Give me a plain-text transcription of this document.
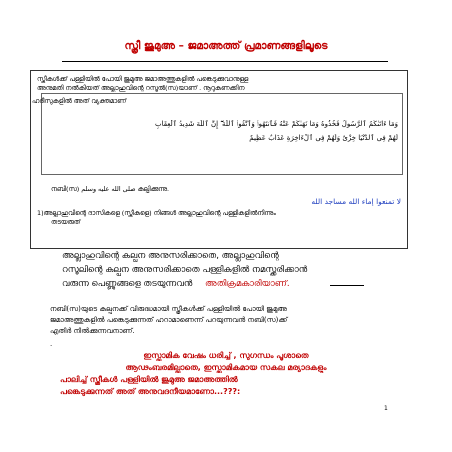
സ്ത്രീ ജുമുഅ – ജമാഅത്ത് പ്രമാണങ്ങളിലൂടെ
സ്ത്രീകൾക്ക് പള്ളിയിൽ പോയി ജുമുഅ ജമാഅത്തുകളിൽ പങ്കെടുക്കുവാനുള്ള
അനുമതി നൽകിയത് അല്ലാഹുവിന്റെ റസൂൽ(സ)യാണ് . നൂറുകണക്കിന
ഹദീസുകളിൽ അത് വ്യക്തമാണ്
وَمَا ءَاتَىٰكُمُ ٱلرَّسُولُ فَخُذُوهُ وَمَا نَهَىٰكُمْ عَنْهُ فَٱنتَهُوا۟ وَٱتَّقُوا۟ ٱللَّهَ ۖ إِنَّ ٱللَّهَ شَدِيدُ ٱلْعِقَابِ
لَهُمْ فِى ٱلدُّنْيَا خِزْىٌ وَلَهُمْ فِى ٱلْءَاخِرَةِ عَذَابٌ عَظِيمٌ
നബി(സ) صلى الله عليه وسلم കല്പ്പിക്കുന്നു.
لا تمنعوا إماء الله مساجد الله
1)അല്ലാഹുവിന്റെ ദാസികളെ (സ്ത്രീകളെ) നിങ്ങൾ അല്ലാഹുവിന്റെ പള്ളികളിൽനിന്നും
തടയരുത്
അല്ലാഹുവിന്റെ കല്പ്പന അനുസരിക്കാതെ, അല്ലാഹുവിന്റെ
റസൂലിന്റെ കല്പ്പന അനുസരിക്കാതെ പള്ളികളിൽ നമസ്ക്കരിക്കാൻ
വരുന്ന പെണ്ണുങ്ങളെ തടയുന്നവൻ	അതിക്രമകാരിയാണ്.
നബി(സ)യുടെ കല്പ്പനക്ക് വിരുദ്ധമായി സ്ത്രീകൾക്ക് പള്ളിയിൽ പോയി ജുമുഅ
ജമാഅത്തുകളിൽ പങ്കെടുക്കുന്നത് ഹറാമാണെന്ന് പറയുന്നവൻ നബി(സ)ക്ക്
എതിർ നിൽക്കുന്നവനാണ്.
.
ഇസ്ലാമിക വേഷം ധരിച്ച് , സുഗന്ധം പൂശാതെ
ആഢംബരമില്ലാതെ, ഇസ്ലാമികമായ സകല മര്യാദകളും
പാലിച്ച് സ്ത്രീകൾ പള്ളിയിൽ ജുമുഅ ജമാഅത്തിൽ
പങ്കെടുക്കുന്നത് അത് അനുവദനീയമാണോ...???:
1
